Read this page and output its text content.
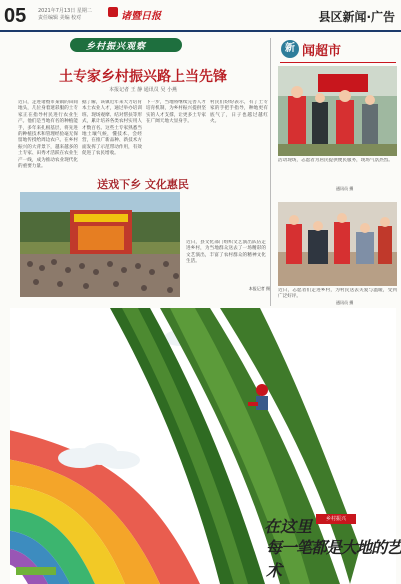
05 2021年7月13日 星期二
责任编辑 美编 校对	诸暨日报	县区新闻·广告
乡村振兴观察
土专家乡村振兴路上当先锋
本报记者 王 静 通讯员 吴 小燕
近日，走进诸暨市某镇的田间地头，几位身着迷彩服的土专家正在指导村民进行农业生产。他们是当地有名的种植能手，多年来扎根基层，将先进的种植技术和管理经验毫无保留地传授给周边农户。在乡村振兴的大背景下，越来越多的土专家、田秀才活跃在农业生产一线，成为推动农业现代化的重要力量。
据了解，该镇近年来大力培育本土农业人才，通过举办培训班、现场观摩、结对帮扶等形式，累计培养各类农村实用人才数百名。这些土专家熟悉当地土壤气候，懂技术、会经营，在推广新品种、新技术方面发挥了示范带动作用，有效促进了农民增收。
下一步，当地将继续完善人才培育机制，为乡村振兴提供坚实的人才支撑，让更多土专家在广阔天地大显身手。
村民们纷纷表示，有了土专家的手把手指导，种地更有底气了，日子也越过越红火。
送戏下乡 文化惠民
近日，县文化部门组织文艺演出队伍走进乡村，为当地群众送去了一场精彩的文艺演出，丰富了农村群众的精神文化生活。
本报记者 摄
新 闻超市
活动现场，志愿者为居民提供便民服务，现场气氛热烈。
通讯员 摄
近日，志愿者们走进乡村，为村民送去关爱与温暖，受到广泛好评。
通讯员 摄
在这里	乡村振兴
每一笔都是大地的艺术
